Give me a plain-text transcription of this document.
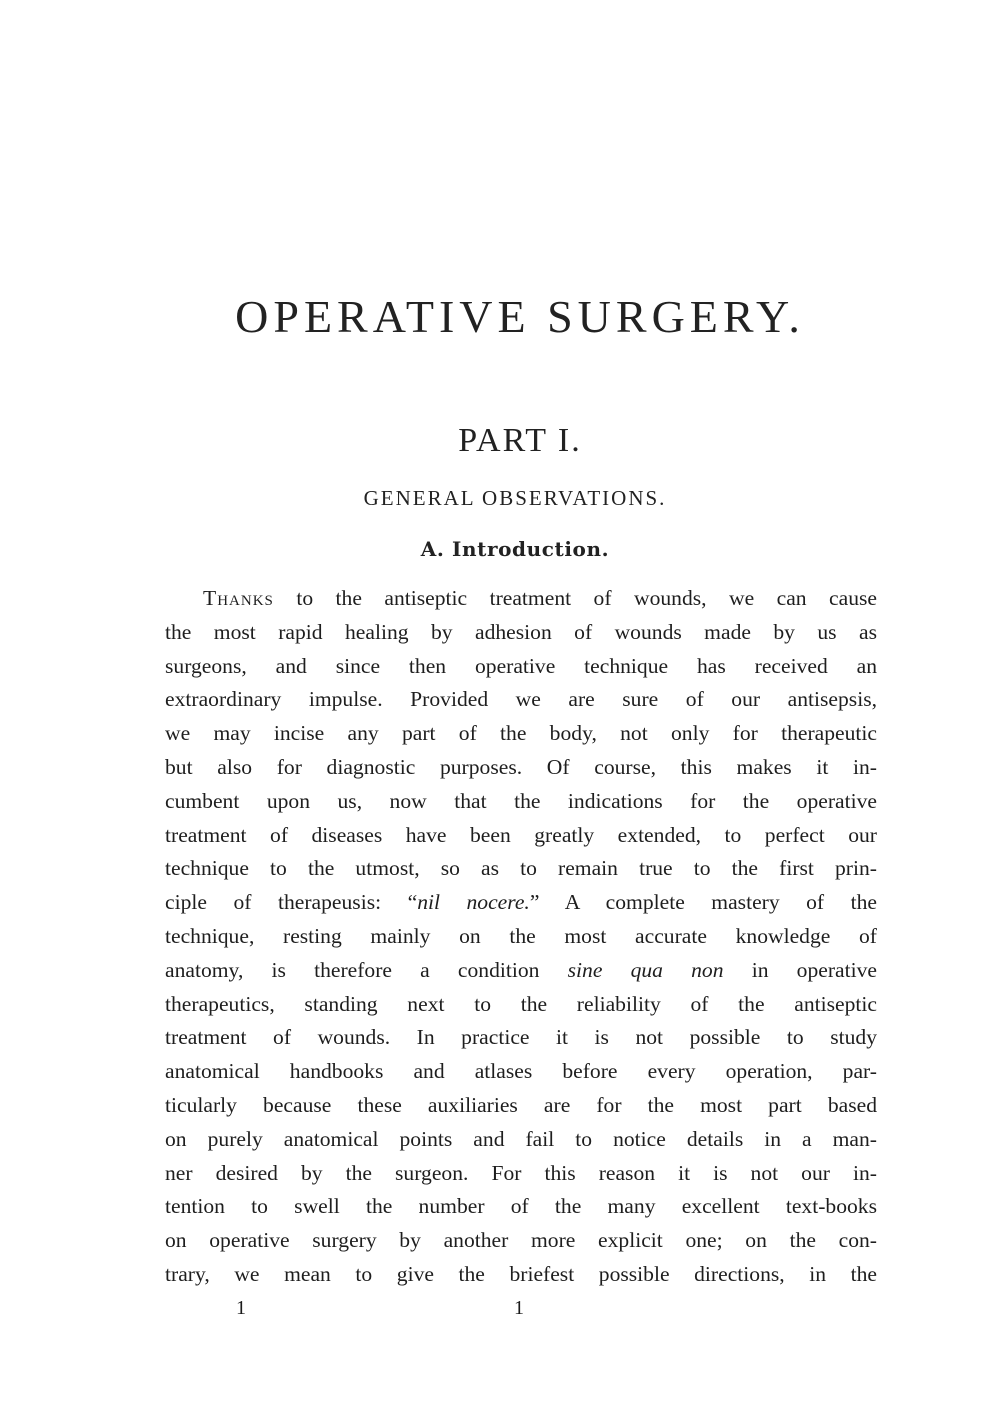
OPERATIVE SURGERY.
PART I.
GENERAL OBSERVATIONS.
A. Introduction.
Thanks to the antiseptic treatment of wounds, we can cause
the most rapid healing by adhesion of wounds made by us as
surgeons, and since then operative technique has received an
extraordinary impulse. Provided we are sure of our antisepsis,
we may incise any part of the body, not only for therapeutic
but also for diagnostic purposes. Of course, this makes it in-
cumbent upon us, now that the indications for the operative
treatment of diseases have been greatly extended, to perfect our
technique to the utmost, so as to remain true to the first prin-
ciple of therapeusis: “nil nocere.” A complete mastery of the
technique, resting mainly on the most accurate knowledge of
anatomy, is therefore a condition sine qua non in operative
therapeutics, standing next to the reliability of the antiseptic
treatment of wounds. In practice it is not possible to study
anatomical handbooks and atlases before every operation, par-
ticularly because these auxiliaries are for the most part based
on purely anatomical points and fail to notice details in a man-
ner desired by the surgeon. For this reason it is not our in-
tention to swell the number of the many excellent text-books
on operative surgery by another more explicit one; on the con-
trary, we mean to give the briefest possible directions, in the
1	1
